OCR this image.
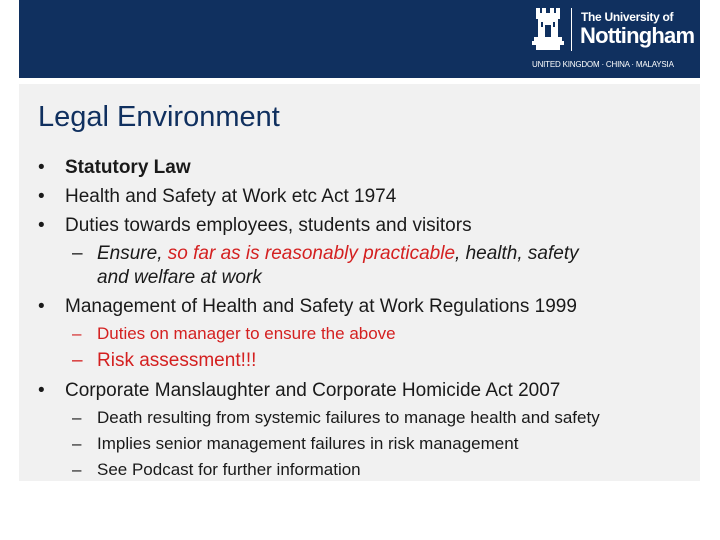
The University of
Nottingham
UNITED KINGDOM · CHINA · MALAYSIA
Legal Environment
• Statutory Law
• Health and Safety at Work etc Act 1974
• Duties towards employees, students and visitors
– Ensure, so far as is reasonably practicable, health, safety
and welfare at work
• Management of Health and Safety at Work Regulations 1999
– Duties on manager to ensure the above
– Risk assessment!!!
• Corporate Manslaughter and Corporate Homicide Act 2007
– Death resulting from systemic failures to manage health and safety
– Implies senior management failures in risk management
– See Podcast for further information
